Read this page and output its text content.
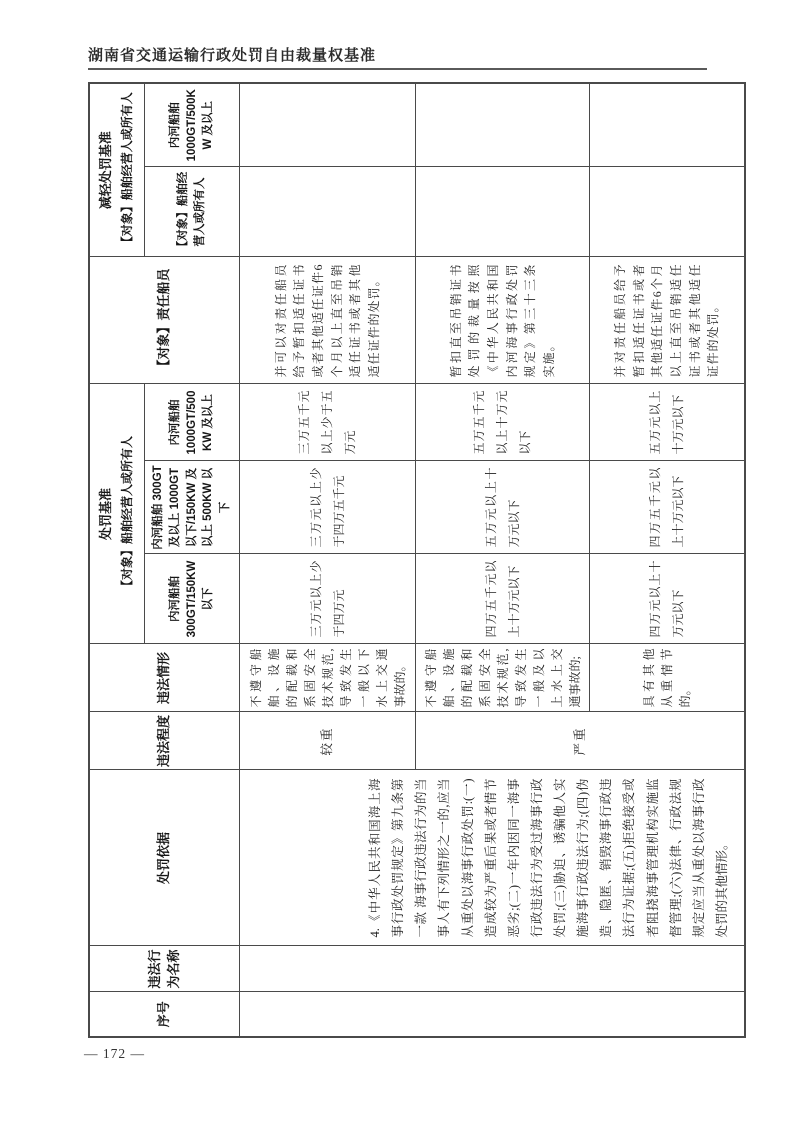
湖南省交通运输行政处罚自由裁量权基准
序号	违法行为名称	处罚依据	违法程度	违法情形	
处罚基准 【对象】船舶经营人或所有人
	【对象】责任船员	
减轻处罚基准 【对象】船舶经营人或所有人

					内河船舶 300GT/150KW 以下	内河船舶 300GT 及以上 1000GT 以下/150KW 及以上 500KW 以下	内河船舶 1000GT/500KW 及以上		【对象】船舶经营人或所有人	内河船舶 1000GT/500KW 及以上
		4.《中华人民共和国海上海事行政处罚规定》第九条第一款 海事行政违法行为的当事人有下列情形之一的,应当从重处以海事行政处罚:(一)造成较为严重后果或者情节恶劣;(二)一年内因同一海事行政违法行为受过海事行政处罚;(三)胁迫、诱骗他人实施海事行政违法行为;(四)伪造、隐匿、销毁海事行政违法行为证据;(五)拒绝接受或者阻挠海事管理机构实施监督管理;(六)法律、行政法规规定应当从重处以海事行政处罚的其他情形。	较重	不遵守船舶、设施的配载和系固安全技术规范,导致发生一般以下水上交通事故的。	三万元以上少于四万元	三万元以上少于四万五千元	三万五千元以上少于五万元	并可以对责任船员给予暂扣适任证书或者其他适任证件6个月以上直至吊销适任证书或者其他适任证件的处罚。		
			严重	不遵守船舶、设施的配载和系固安全技术规范,导致发生一般及以上水上交通事故的;	四万五千元以上十万元以下	五万元以上十万元以下	五万五千元以上十万元以下	暂扣直至吊销证书处罚的裁量按照《中华人民共和国内河海事行政处罚规定》第三十三条实施。		
				具有其他从重情节的。	四万元以上十万元以下	四万五千元以上十万元以下	五万元以上十万元以下	并对责任船员给予暂扣适任证书或者其他适任证件6个月以上直至吊销适任证书或者其他适任证件的处罚。		
— 172 —
